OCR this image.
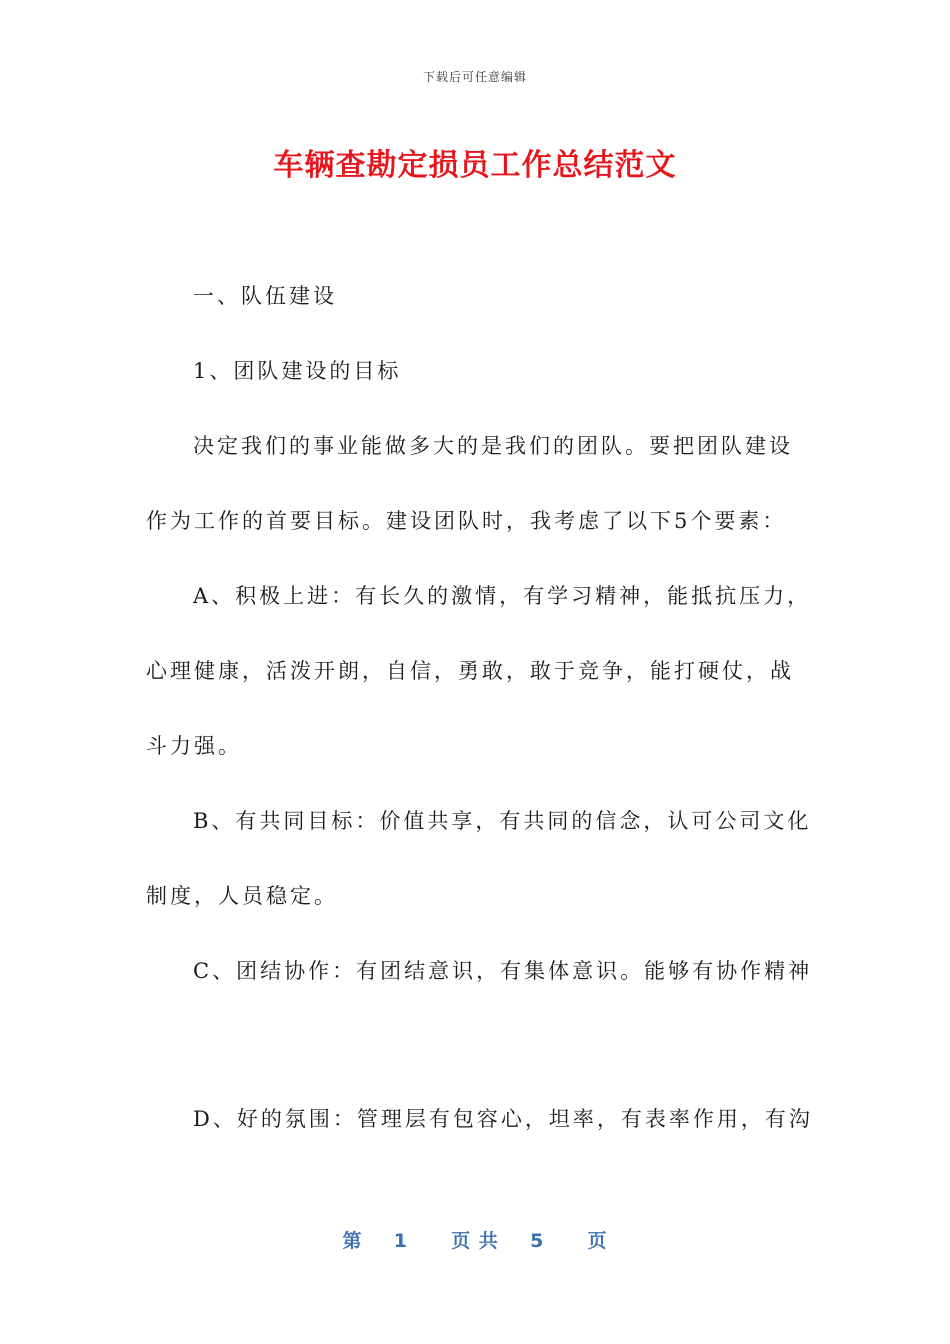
下载后可任意编辑
车辆查勘定损员工作总结范文
一、队伍建设
1、团队建设的目标
决定我们的事业能做多大的是我们的团队。要把团队建设
作为工作的首要目标。建设团队时，我考虑了以下5个要素：
A、积极上进：有长久的激情，有学习精神，能抵抗压力，
心理健康，活泼开朗，自信，勇敢，敢于竞争，能打硬仗，战
斗力强。
B、有共同目标：价值共享，有共同的信念，认可公司文化
制度，人员稳定。
C、团结协作：有团结意识，有集体意识。能够有协作精神
D、好的氛围：管理层有包容心，坦率，有表率作用，有沟
第 1 页 共 5 页
